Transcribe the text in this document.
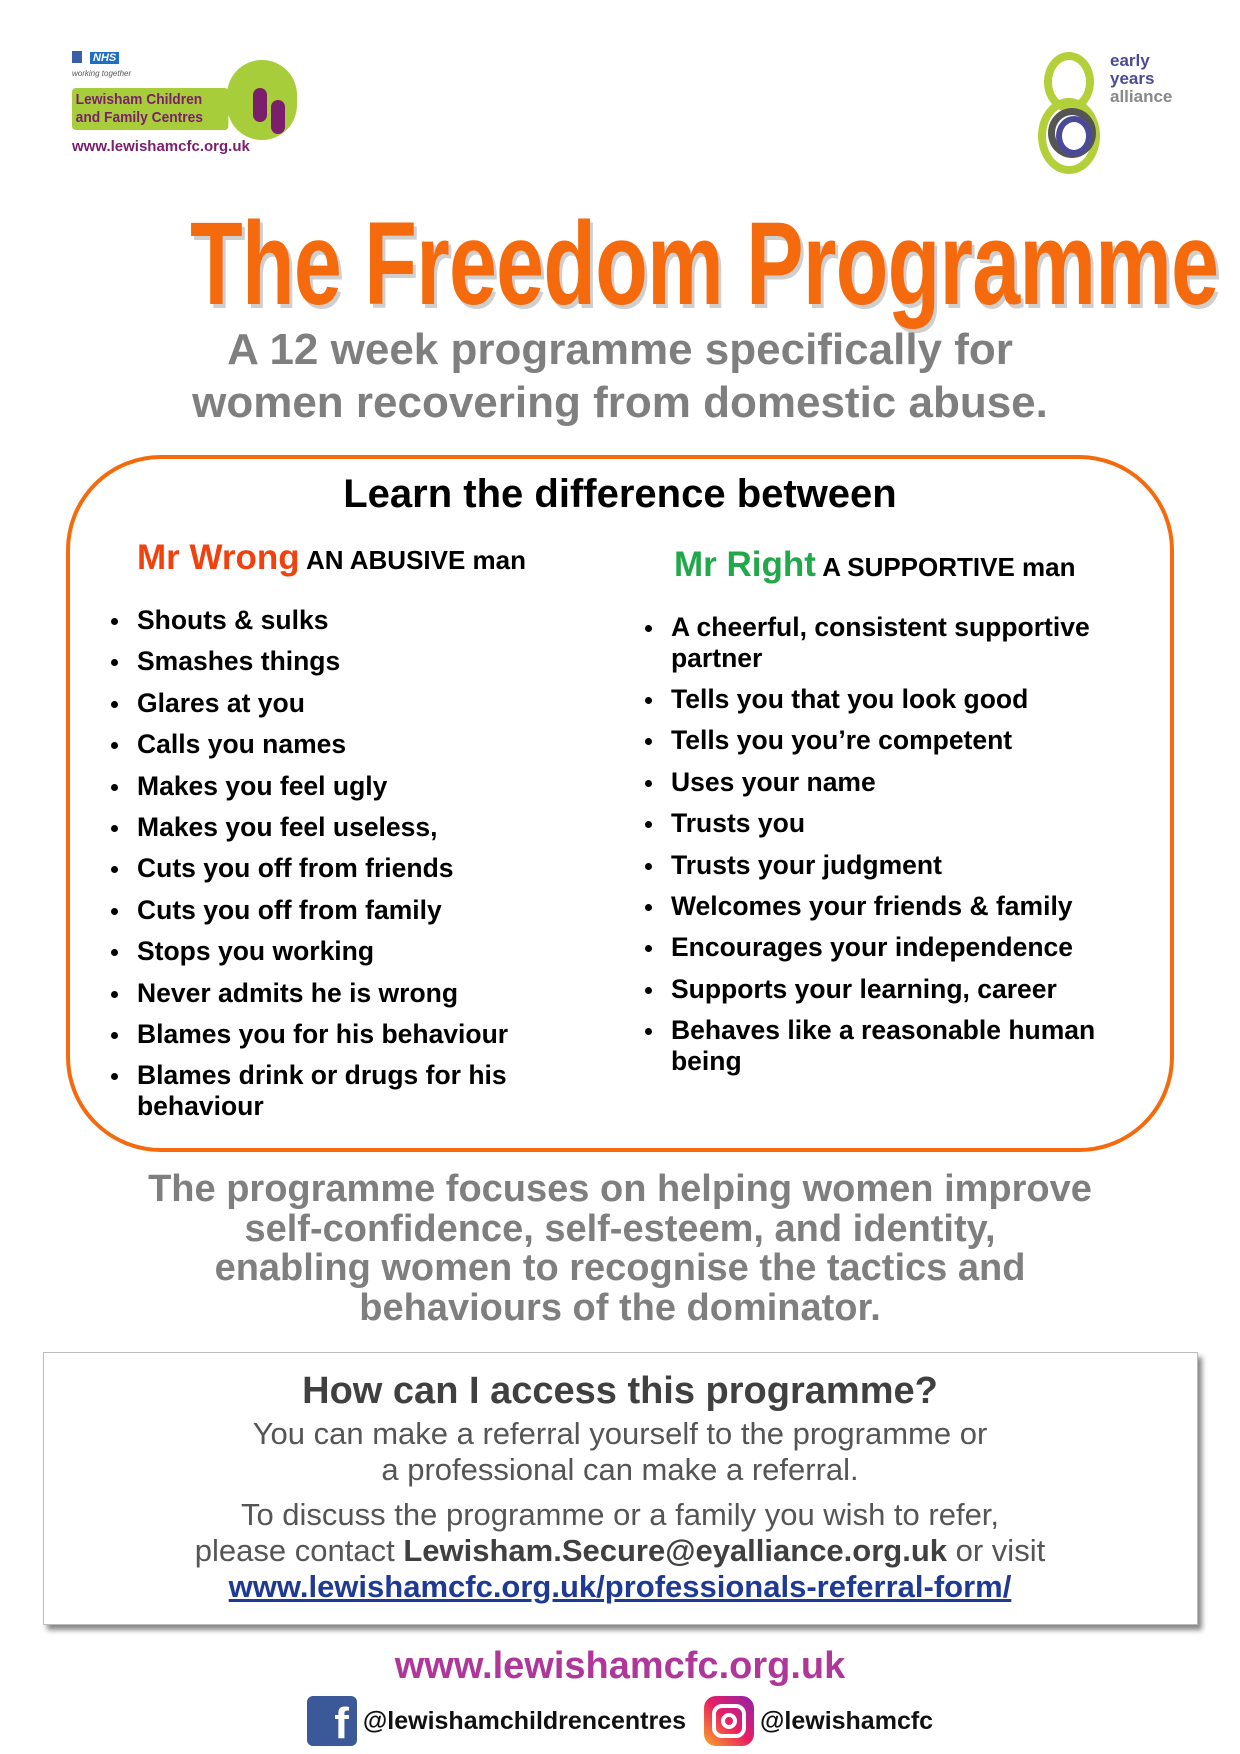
NHS
working together
Lewisham Children
and Family Centres
www.lewishamcfc.org.uk
early
years
alliance
The Freedom Programme
A 12 week programme specifically for
women recovering from domestic abuse.
Learn the difference between
Mr Wrong AN ABUSIVE man
Shouts & sulks
Smashes things
Glares at you
Calls you names
Makes you feel ugly
Makes you feel useless,
Cuts you off from friends
Cuts you off from family
Stops you working
Never admits he is wrong
Blames you for his behaviour
Blames drink or drugs for his behaviour
Mr Right A SUPPORTIVE man
A cheerful, consistent supportive partner
Tells you that you look good
Tells you you’re competent
Uses your name
Trusts you
Trusts your judgment
Welcomes your friends & family
Encourages your independence
Supports your learning, career
Behaves like a reasonable human being
The programme focuses on helping women improve
self-confidence, self-esteem, and identity,
enabling women to recognise the tactics and
behaviours of the dominator.
How can I access this programme?
You can make a referral yourself to the programme or
a professional can make a referral.
To discuss the programme or a family you wish to refer,
please contact Lewisham.Secure@eyalliance.org.uk or visit
www.lewishamcfc.org.uk/professionals-referral-form/
www.lewishamcfc.org.uk
f @lewishamchildrencentres	@lewishamcfc
